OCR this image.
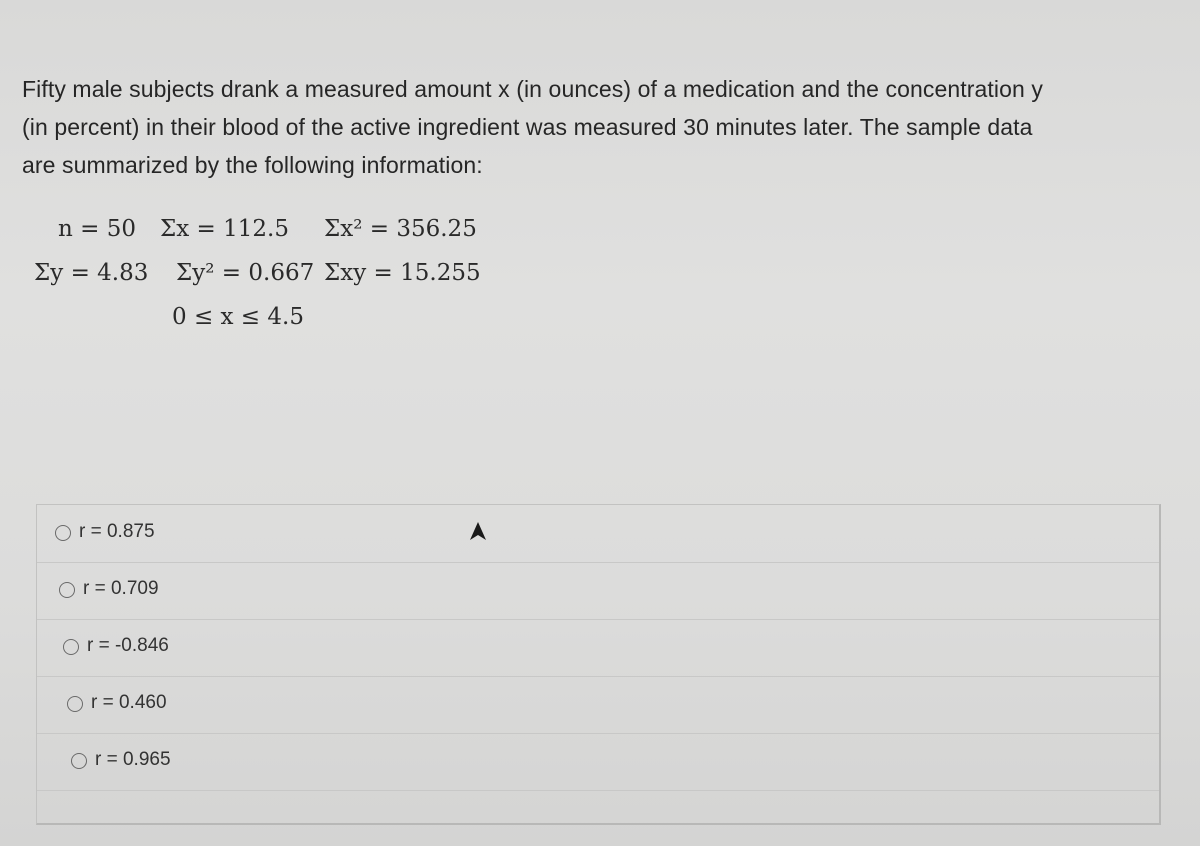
Fifty male subjects drank a measured amount x (in ounces) of a medication and the concentration y
(in percent) in their blood of the active ingredient was measured 30 minutes later. The sample data
are summarized by the following information:
n = 50 Σx = 112.5 Σx² = 356.25
Σy = 4.83 Σy² = 0.667 Σxy = 15.255
0 ≤ x ≤ 4.5
r = 0.875
r = 0.709
r = -0.846
r = 0.460
r = 0.965
